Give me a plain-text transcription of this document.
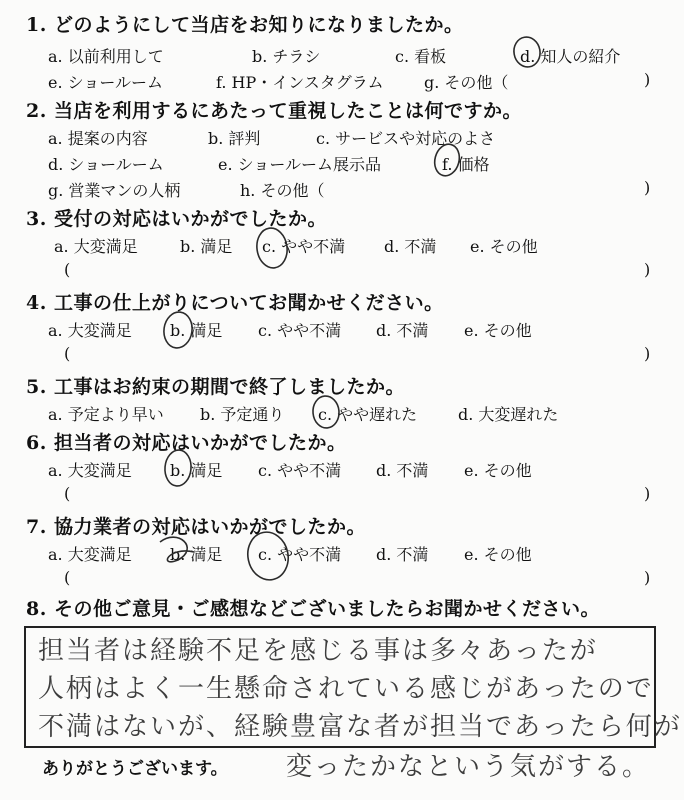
1. どのようにして当店をお知りになりましたか。
a. 以前利用して	b. チラシ	c. 看板	d. 知人の紹介
e. ショールーム	f. HP・インスタグラム	g. その他（	)
2. 当店を利用するにあたって重視したことは何ですか。
a. 提案の内容	b. 評判	c. サービスや対応のよさ
d. ショールーム	e. ショールーム展示品	f. 価格
g. 営業マンの人柄	h. その他（	)
3. 受付の対応はいかがでしたか。
a. 大変満足	b. 満足 c. やや不満 d. 不満 e. その他
(	)
4. 工事の仕上がりについてお聞かせください。
a. 大変満足 b. 満足 c. やや不満 d. 不満 e. その他
(	)
5. 工事はお約束の期間で終了しましたか。
a. 予定より早い b. 予定通り c. やや遅れた	d. 大変遅れた
6. 担当者の対応はいかがでしたか。
a. 大変満足 b. 満足 c. やや不満 d. 不満 e. その他
(	)
7. 協力業者の対応はいかがでしたか。
a. 大変満足 b. 満足 c. やや不満 d. 不満 e. その他
(	)
8. その他ご意見・ご感想などございましたらお聞かせください。
担当者は経験不足を感じる事は多々あったが
人柄はよく一生懸命されている感じがあったので
不満はないが、経験豊富な者が担当であったら何が
変ったかなという気がする。
ありがとうございます。
